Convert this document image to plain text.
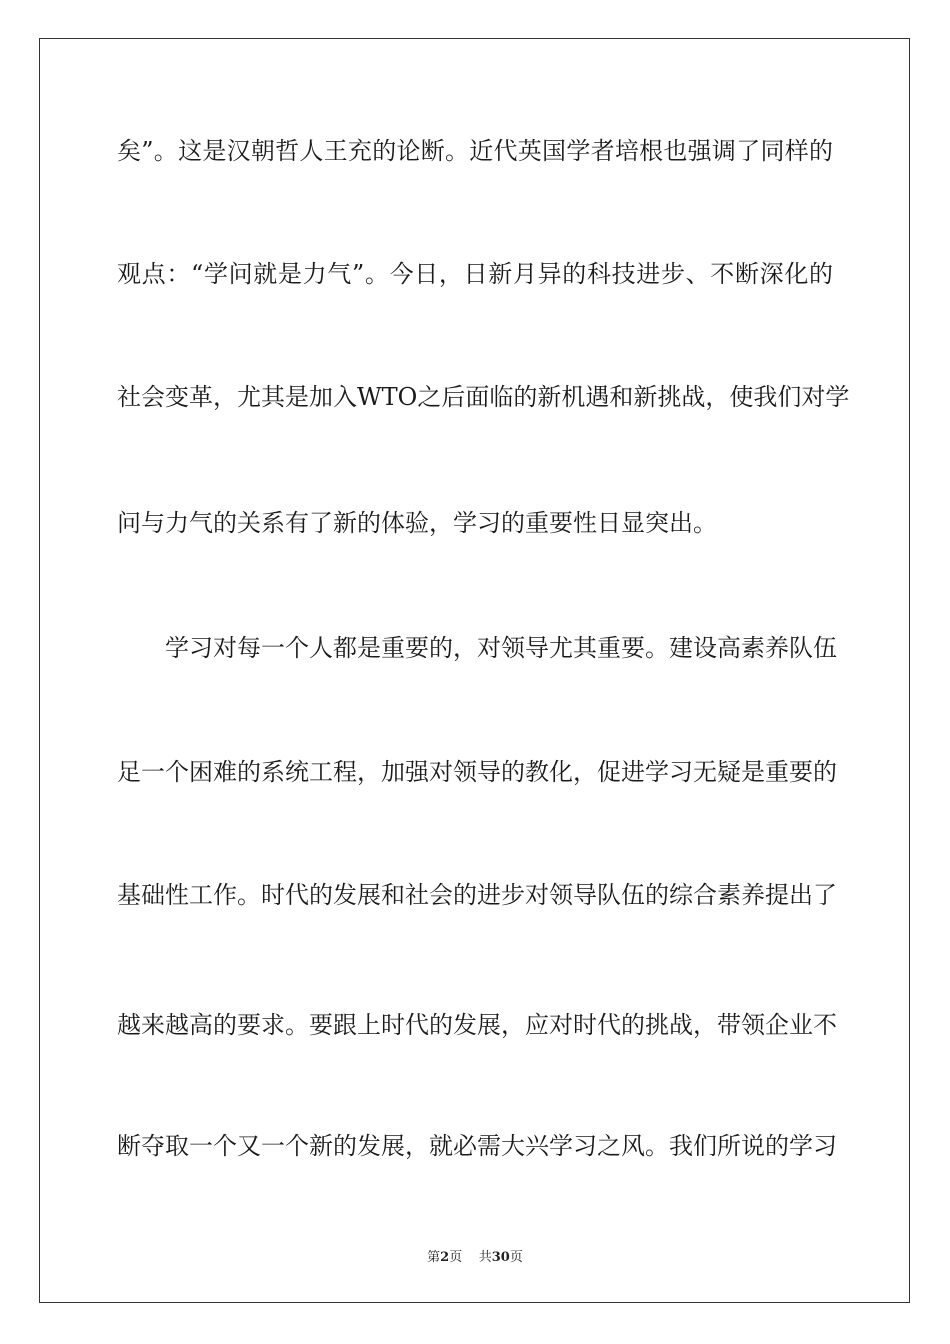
矣”。这是汉朝哲人王充的论断。近代英国学者培根也强调了同样的
观点：“学问就是力气”。今日，日新月异的科技进步、不断深化的
社会变革，尤其是加入WTO之后面临的新机遇和新挑战，使我们对学
问与力气的关系有了新的体验，学习的重要性日显突出。
学习对每一个人都是重要的，对领导尤其重要。建设高素养队伍
足一个困难的系统工程，加强对领导的教化，促进学习无疑是重要的
基础性工作。时代的发展和社会的进步对领导队伍的综合素养提出了
越来越高的要求。要跟上时代的发展，应对时代的挑战，带领企业不
断夺取一个又一个新的发展，就必需大兴学习之风。我们所说的学习
第2页 共30页
